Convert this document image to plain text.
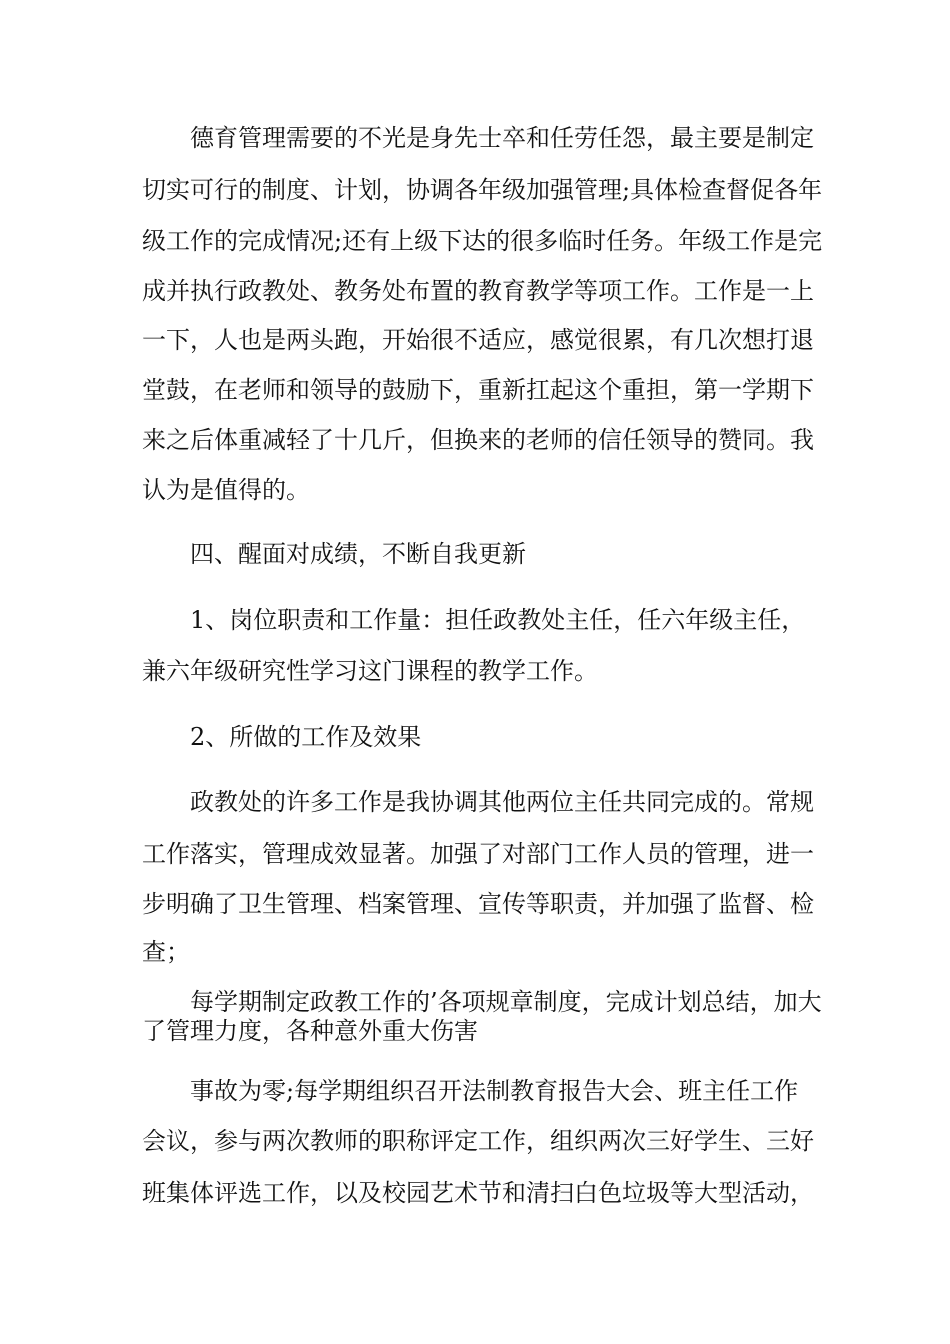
德育管理需要的不光是身先士卒和任劳任怨，最主要是制定

切实可行的制度、计划，协调各年级加强管理;具体检查督促各年

级工作的完成情况;还有上级下达的很多临时任务。年级工作是完

成并执行政教处、教务处布置的教育教学等项工作。工作是一上

一下，人也是两头跑，开始很不适应，感觉很累，有几次想打退

堂鼓，在老师和领导的鼓励下，重新扛起这个重担，第一学期下

来之后体重减轻了十几斤，但换来的老师的信任领导的赞同。我

认为是值得的。

四、醒面对成绩，不断自我更新

1、岗位职责和工作量：担任政教处主任，任六年级主任，

兼六年级研究性学习这门课程的教学工作。

2、所做的工作及效果

政教处的许多工作是我协调其他两位主任共同完成的。常规

工作落实，管理成效显著。加强了对部门工作人员的管理，进一

步明确了卫生管理、档案管理、宣传等职责，并加强了监督、检

查；

每学期制定政教工作的’各项规章制度，完成计划总结，加大

了管理力度，各种意外重大伤害

事故为零;每学期组织召开法制教育报告大会、班主任工作

会议，参与两次教师的职称评定工作，组织两次三好学生、三好

班集体评选工作，以及校园艺术节和清扫白色垃圾等大型活动，
